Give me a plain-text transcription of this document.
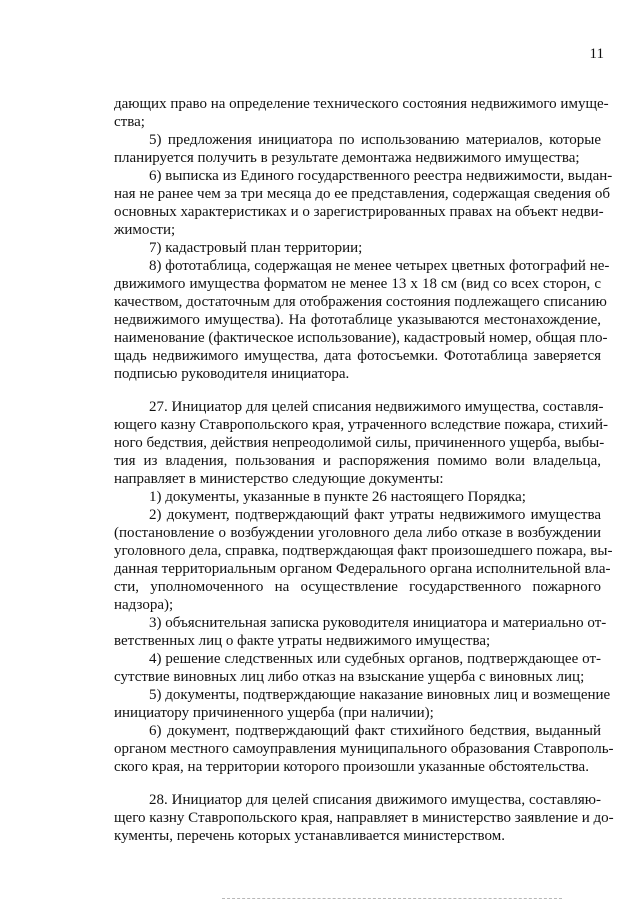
11
дающих право на определение технического состояния недвижимого имуще-
ства;
5) предложения инициатора по использованию материалов, которые
планируется получить в результате демонтажа недвижимого имущества;
6) выписка из Единого государственного реестра недвижимости, выдан-
ная не ранее чем за три месяца до ее представления, содержащая сведения об
основных характеристиках и о зарегистрированных правах на объект недви-
жимости;
7) кадастровый план территории;
8) фототаблица, содержащая не менее четырех цветных фотографий не-
движимого имущества форматом не менее 13 х 18 см (вид со всех сторон, с
качеством, достаточным для отображения состояния подлежащего списанию
недвижимого имущества). На фототаблице указываются местонахождение,
наименование (фактическое использование), кадастровый номер, общая пло-
щадь недвижимого имущества, дата фотосъемки. Фототаблица заверяется
подписью руководителя инициатора.
27. Инициатор для целей списания недвижимого имущества, составля-
ющего казну Ставропольского края, утраченного вследствие пожара, стихий-
ного бедствия, действия непреодолимой силы, причиненного ущерба, выбы-
тия из владения, пользования и распоряжения помимо воли владельца,
направляет в министерство следующие документы:
1) документы, указанные в пункте 26 настоящего Порядка;
2) документ, подтверждающий факт утраты недвижимого имущества
(постановление о возбуждении уголовного дела либо отказе в возбуждении
уголовного дела, справка, подтверждающая факт произошедшего пожара, вы-
данная территориальным органом Федерального органа исполнительной вла-
сти, уполномоченного на осуществление государственного пожарного
надзора);
3) объяснительная записка руководителя инициатора и материально от-
ветственных лиц о факте утраты недвижимого имущества;
4) решение следственных или судебных органов, подтверждающее от-
сутствие виновных лиц либо отказ на взыскание ущерба с виновных лиц;
5) документы, подтверждающие наказание виновных лиц и возмещение
инициатору причиненного ущерба (при наличии);
6) документ, подтверждающий факт стихийного бедствия, выданный
органом местного самоуправления муниципального образования Ставрополь-
ского края, на территории которого произошли указанные обстоятельства.
28. Инициатор для целей списания движимого имущества, составляю-
щего казну Ставропольского края, направляет в министерство заявление и до-
кументы, перечень которых устанавливается министерством.
